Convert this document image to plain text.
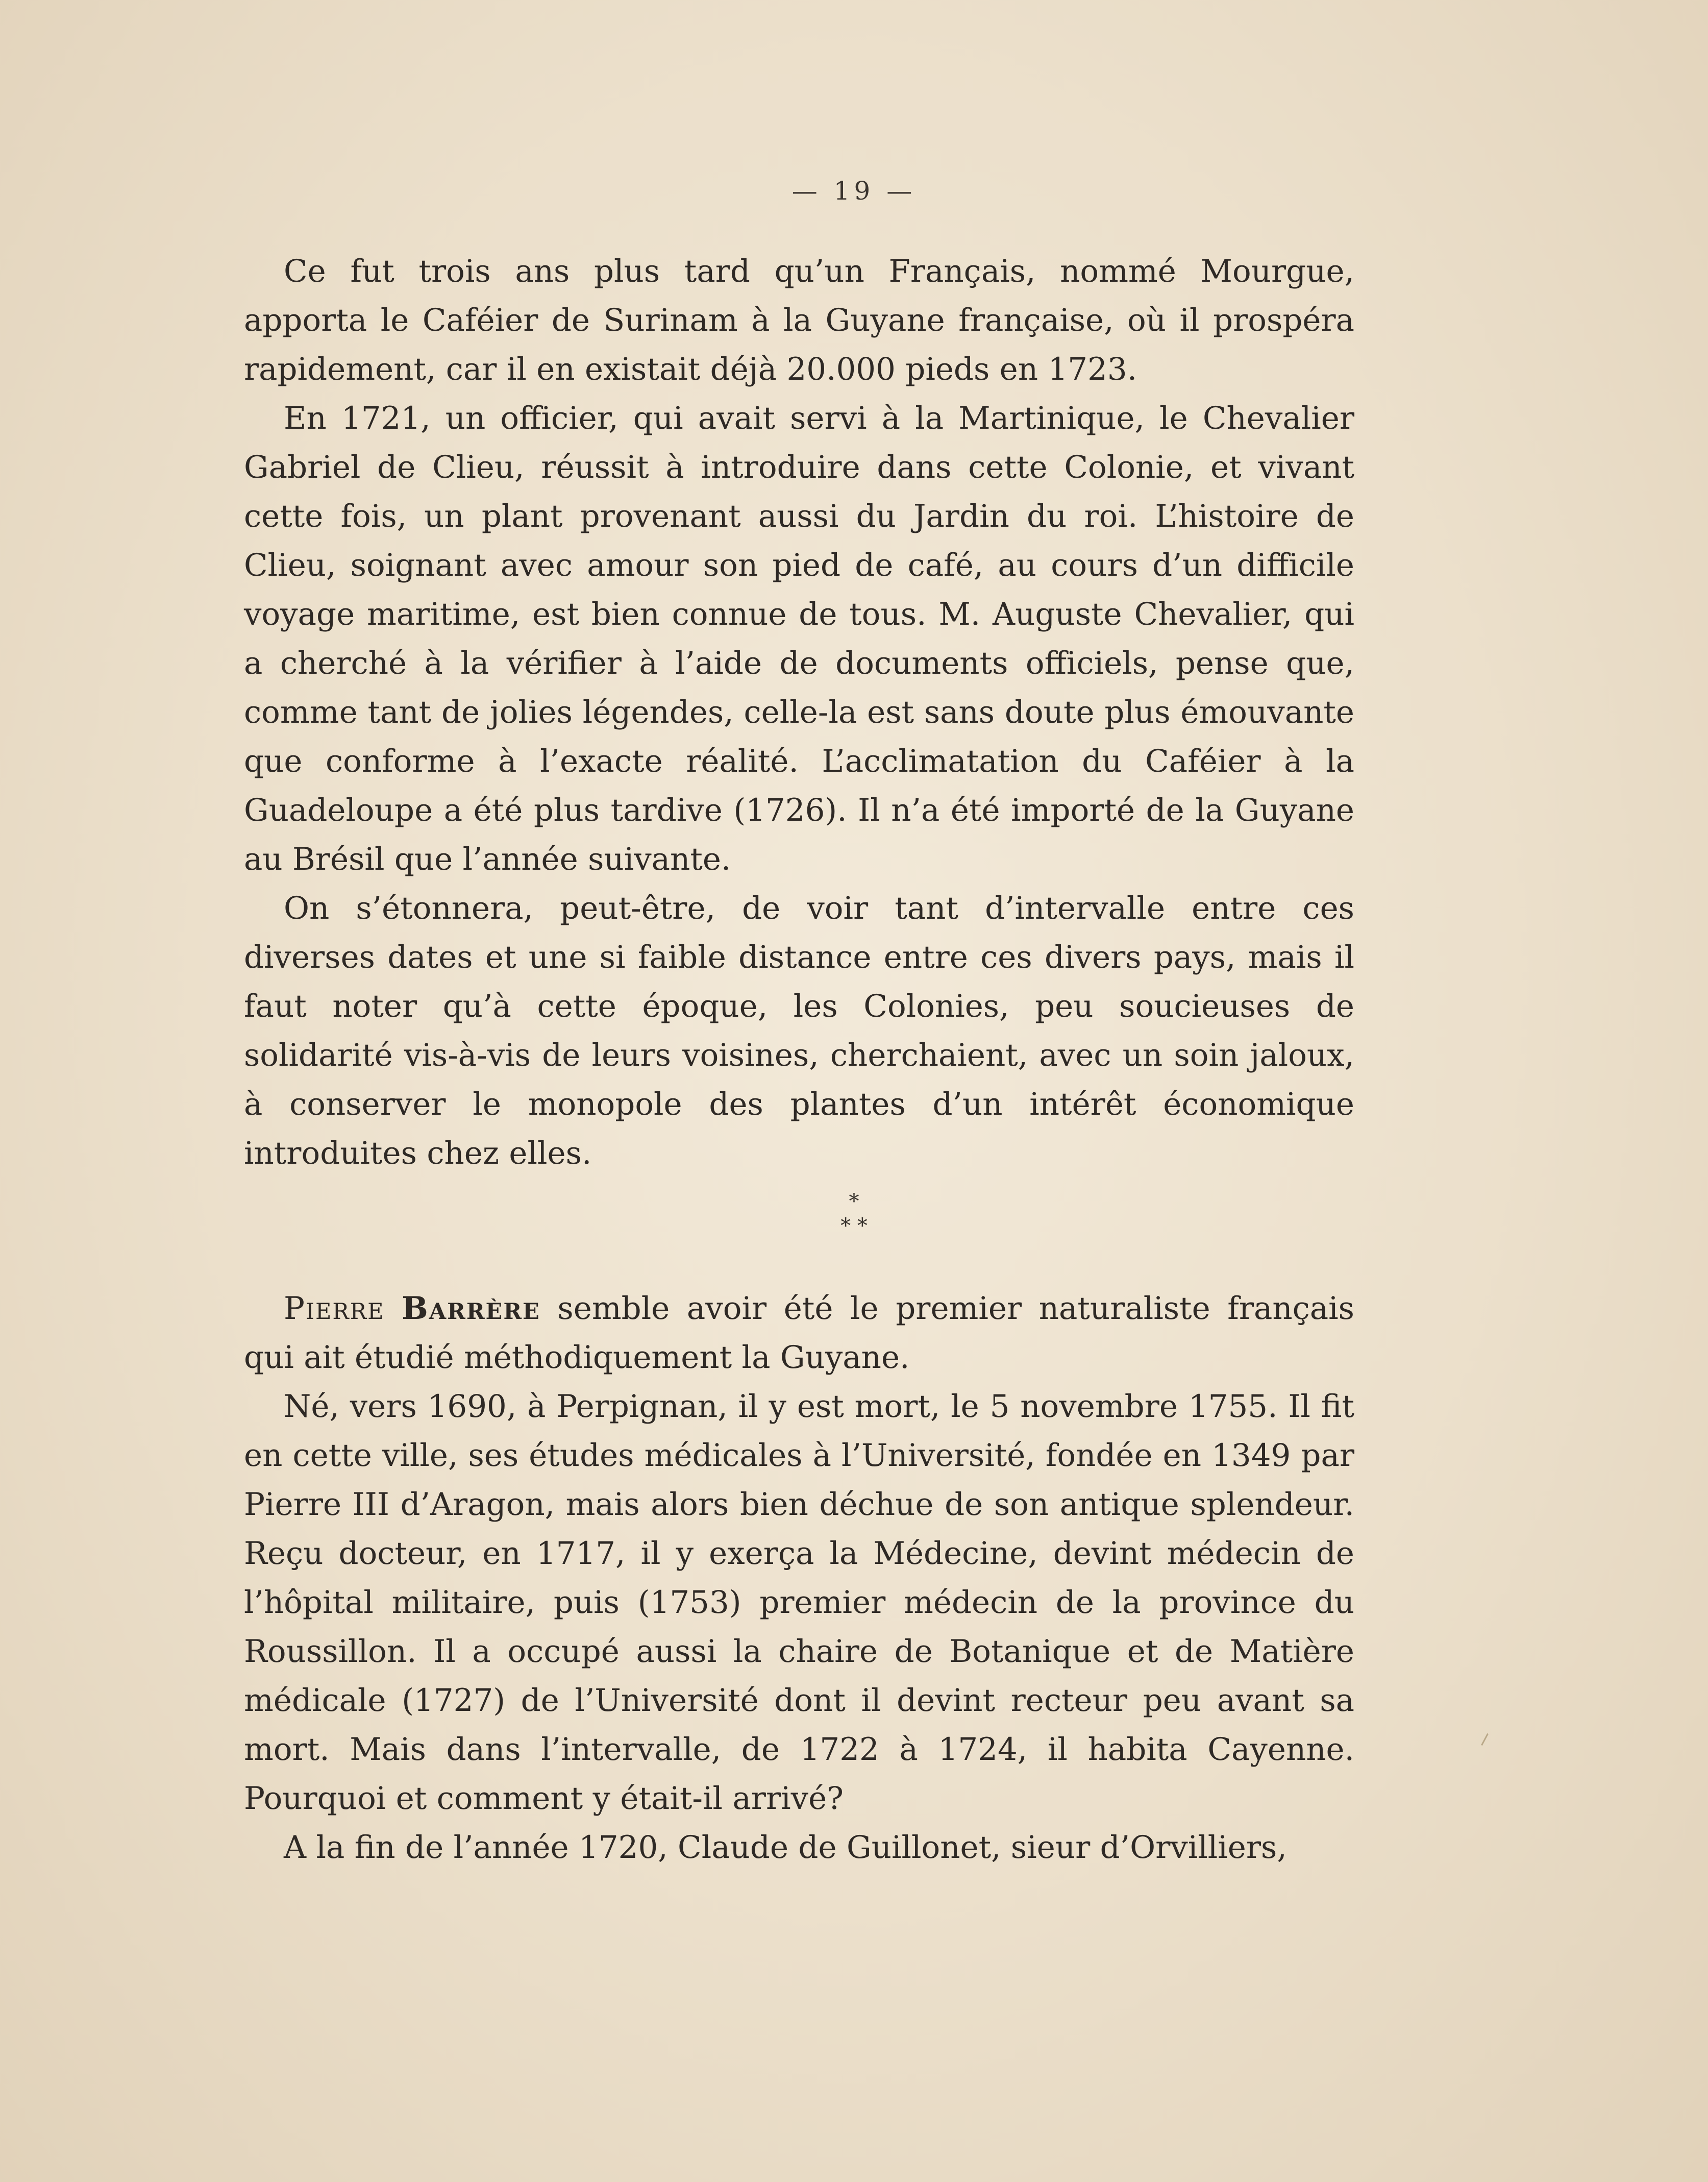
— 19 —

Ce fut trois ans plus tard qu’un Français, nommé Mourgue, apporta le Caféier de Surinam à la Guyane française, où il prospéra rapidement, car il en existait déjà 20.000 pieds en 1723.

En 1721, un officier, qui avait servi à la Martinique, le Chevalier Gabriel de Clieu, réussit à introduire dans cette Colonie, et vivant cette fois, un plant provenant aussi du Jardin du roi. L’histoire de Clieu, soignant avec amour son pied de café, au cours d’un difficile voyage maritime, est bien connue de tous. M. Auguste Chevalier, qui a cherché à la vérifier à l’aide de documents officiels, pense que, comme tant de jolies légendes, celle-la est sans doute plus émouvante que conforme à l’exacte réalité. L’acclimatation du Caféier à la Guadeloupe a été plus tardive (1726). Il n’a été importé de la Guyane au Brésil que l’année suivante.

On s’étonnera, peut-être, de voir tant d’intervalle entre ces diverses dates et une si faible distance entre ces divers pays, mais il faut noter qu’à cette époque, les Colonies, peu soucieuses de solidarité vis-à-vis de leurs voisines, cherchaient, avec un soin jaloux, à conserver le monopole des plantes d’un intérêt économique introduites chez elles.

*
* *

Pierre Barrère semble avoir été le premier naturaliste français qui ait étudié méthodiquement la Guyane.

Né, vers 1690, à Perpignan, il y est mort, le 5 novembre 1755. Il fit en cette ville, ses études médicales à l’Université, fondée en 1349 par Pierre III d’Aragon, mais alors bien déchue de son antique splendeur. Reçu docteur, en 1717, il y exerça la Médecine, devint médecin de l’hôpital militaire, puis (1753) premier médecin de la province du Roussillon. Il a occupé aussi la chaire de Botanique et de Matière médicale (1727) de l’Université dont il devint recteur peu avant sa mort. Mais dans l’intervalle, de 1722 à 1724, il habita Cayenne. Pourquoi et comment y était-il arrivé?

A la fin de l’année 1720, Claude de Guillonet, sieur d’Orvilliers,
